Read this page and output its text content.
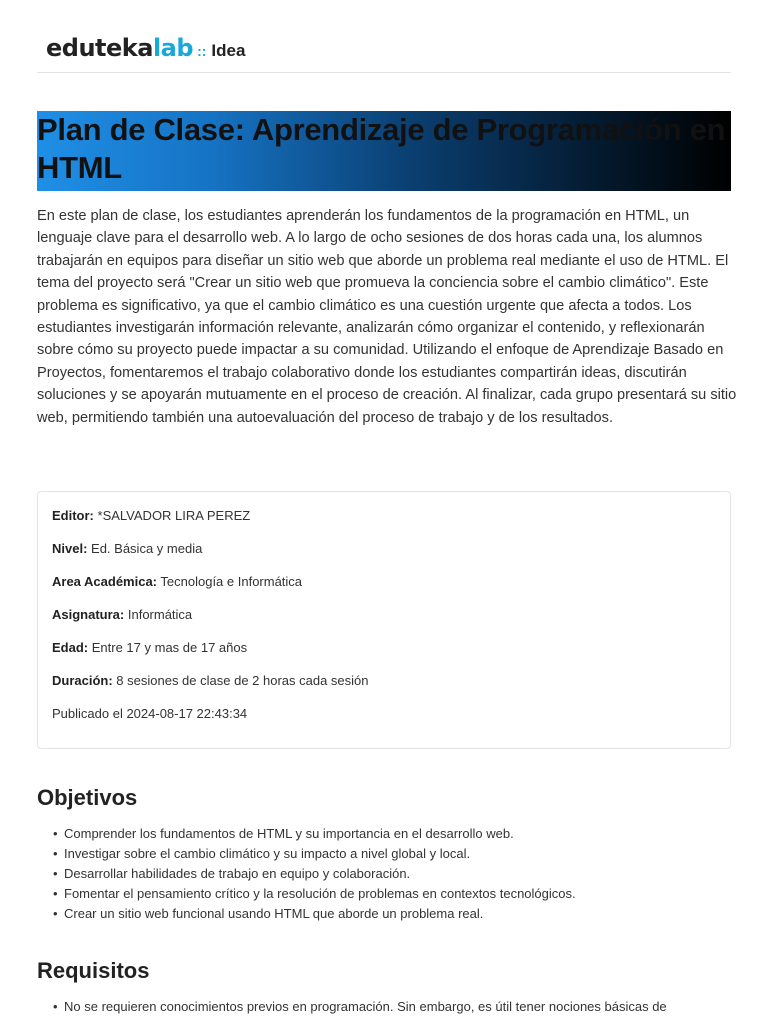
eduteka lab :: Idea
Plan de Clase: Aprendizaje de Programación en HTML

En este plan de clase, los estudiantes aprenderán los fundamentos de la programación en HTML, un lenguaje clave para el desarrollo web. A lo largo de ocho sesiones de dos horas cada una, los alumnos trabajarán en equipos para diseñar un sitio web que aborde un problema real mediante el uso de HTML. El tema del proyecto será "Crear un sitio web que promueva la conciencia sobre el cambio climático". Este problema es significativo, ya que el cambio climático es una cuestión urgente que afecta a todos. Los estudiantes investigarán información relevante, analizarán cómo organizar el contenido, y reflexionarán sobre cómo su proyecto puede impactar a su comunidad. Utilizando el enfoque de Aprendizaje Basado en Proyectos, fomentaremos el trabajo colaborativo donde los estudiantes compartirán ideas, discutirán soluciones y se apoyarán mutuamente en el proceso de creación. Al finalizar, cada grupo presentará su sitio web, permitiendo también una autoevaluación del proceso de trabajo y de los resultados.

Editor: *SALVADOR LIRA PEREZ
Nivel: Ed. Básica y media
Area Académica: Tecnología e Informática
Asignatura: Informática
Edad: Entre 17 y mas de 17 años
Duración: 8 sesiones de clase de 2 horas cada sesión
Publicado el 2024-08-17 22:43:34
Objetivos
• Comprender los fundamentos de HTML y su importancia en el desarrollo web.
• Investigar sobre el cambio climático y su impacto a nivel global y local.
• Desarrollar habilidades de trabajo en equipo y colaboración.
• Fomentar el pensamiento crítico y la resolución de problemas en contextos tecnológicos.
• Crear un sitio web funcional usando HTML que aborde un problema real.
Requisitos
• No se requieren conocimientos previos en programación. Sin embargo, es útil tener nociones básicas de
